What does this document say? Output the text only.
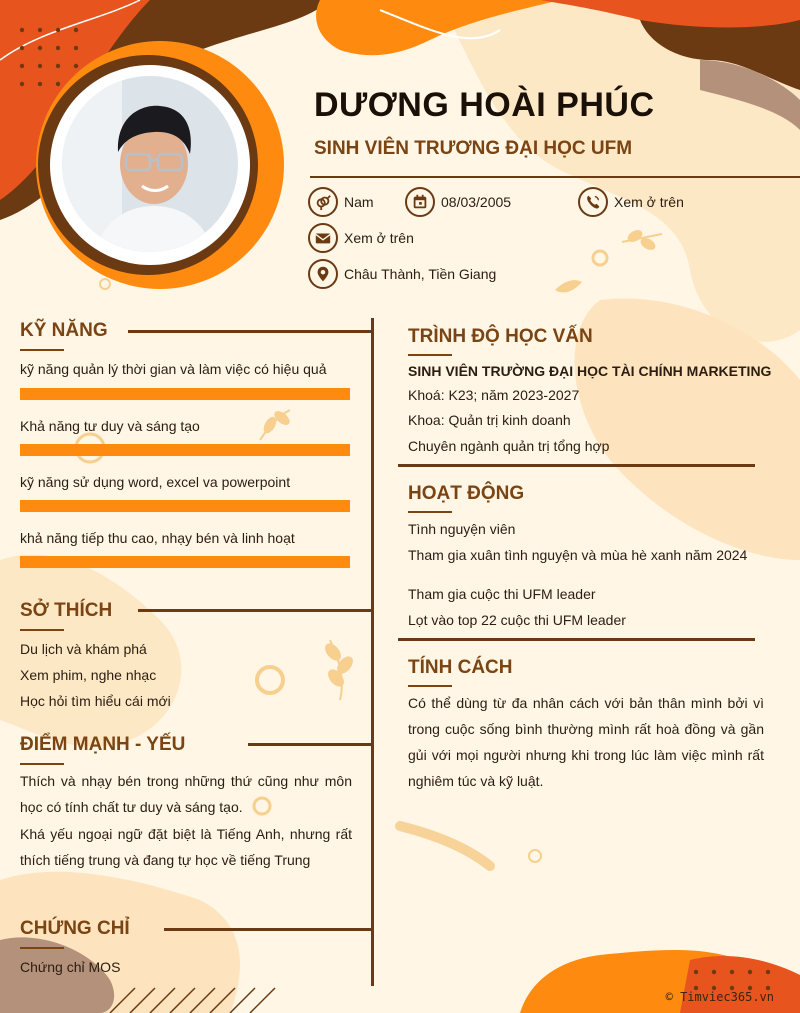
DƯƠNG HOÀI PHÚC
SINH VIÊN TRƯƠNG ĐẠI HỌC UFM
Nam	08/03/2005	Xem ở trên
Xem ở trên
Châu Thành, Tiền Giang
KỸ NĂNG
kỹ năng quản lý thời gian và làm việc có hiệu quả
Khả năng tư duy và sáng tạo
kỹ năng sử dụng word, excel va powerpoint
khả năng tiếp thu cao, nhạy bén và linh hoạt
SỞ THÍCH
Du lịch và khám phá
Xem phim, nghe nhạc
Học hỏi tìm hiểu cái mới
ĐIỂM MẠNH - YẾU
Thích và nhạy bén trong những thứ cũng như môn học có tính chất tư duy và sáng tạo.
Khá yếu ngoại ngữ đặt biệt là Tiếng Anh, nhưng rất thích tiếng trung và đang tự học về tiếng Trung
CHỨNG CHỈ
Chứng chỉ MOS
TRÌNH ĐỘ HỌC VẤN
SINH VIÊN TRƯỜNG ĐẠI HỌC TÀI CHÍNH MARKETING
Khoá: K23; năm 2023-2027
Khoa: Quản trị kinh doanh
Chuyên ngành quản trị tổng hợp
HOẠT ĐỘNG
Tình nguyện viên
Tham gia xuân tình nguyện và mùa hè xanh năm 2024
Tham gia cuộc thi UFM leader
Lọt vào top 22 cuộc thi UFM leader
TÍNH CÁCH
Có thể dùng từ đa nhân cách với bản thân mình bởi vì trong cuộc sống bình thường mình rất hoà đồng và gần gủi với mọi người nhưng khi trong lúc làm việc mình rất nghiêm túc và kỹ luật.
© Timviec365.vn
